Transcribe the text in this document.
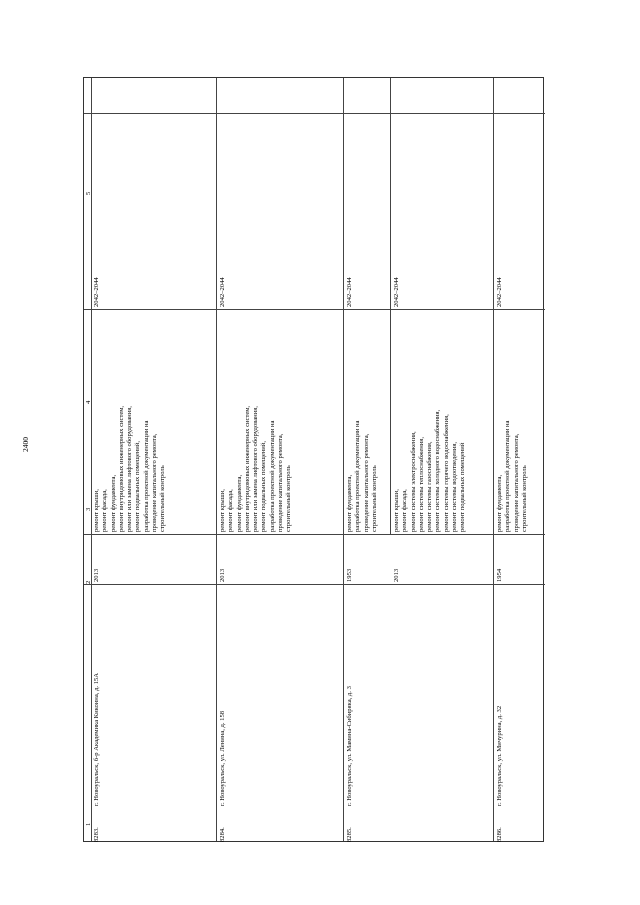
2400
1
2
3
4
5
8283.
г. Новоуральск, б-р Академика Кикоина, д. 15А
2013
ремонт крыши,
ремонт фасада,
ремонт фундамента,
ремонт внутридомовых инженерных систем,
ремонт или замена лифтового оборудования,
ремонт подвальных помещений,
разработка проектной документации на
проведение капитального ремонта,
строительный контроль
2042–2044
8284.
г. Новоуральск, ул. Ленина, д. 158
2013
ремонт крыши,
ремонт фасада,
ремонт фундамента,
ремонт внутридомовых инженерных систем,
ремонт или замена лифтового оборудования,
ремонт подвальных помещений,
разработка проектной документации на
проведение капитального ремонта,
строительный контроль
2042–2044
8285.
г. Новоуральск, ул. Мамина-Сибиряка, д. 3
1953
ремонт фундамента,
разработка проектной документации на
проведение капитального ремонта,
строительный контроль
2042–2044
2013
ремонт крыши,
ремонт фасада,
ремонт системы электроснабжения,
ремонт системы теплоснабжения,
ремонт системы газоснабжения,
ремонт системы холодного водоснабжения,
ремонт системы горячего водоснабжения,
ремонт системы водоотведения,
ремонт подвальных помещений
2042–2044
8286.
г. Новоуральск, ул. Мичурина, д. 32
1954
ремонт фундамента,
разработка проектной документации на
проведение капитального ремонта,
строительный контроль
2042–2044
